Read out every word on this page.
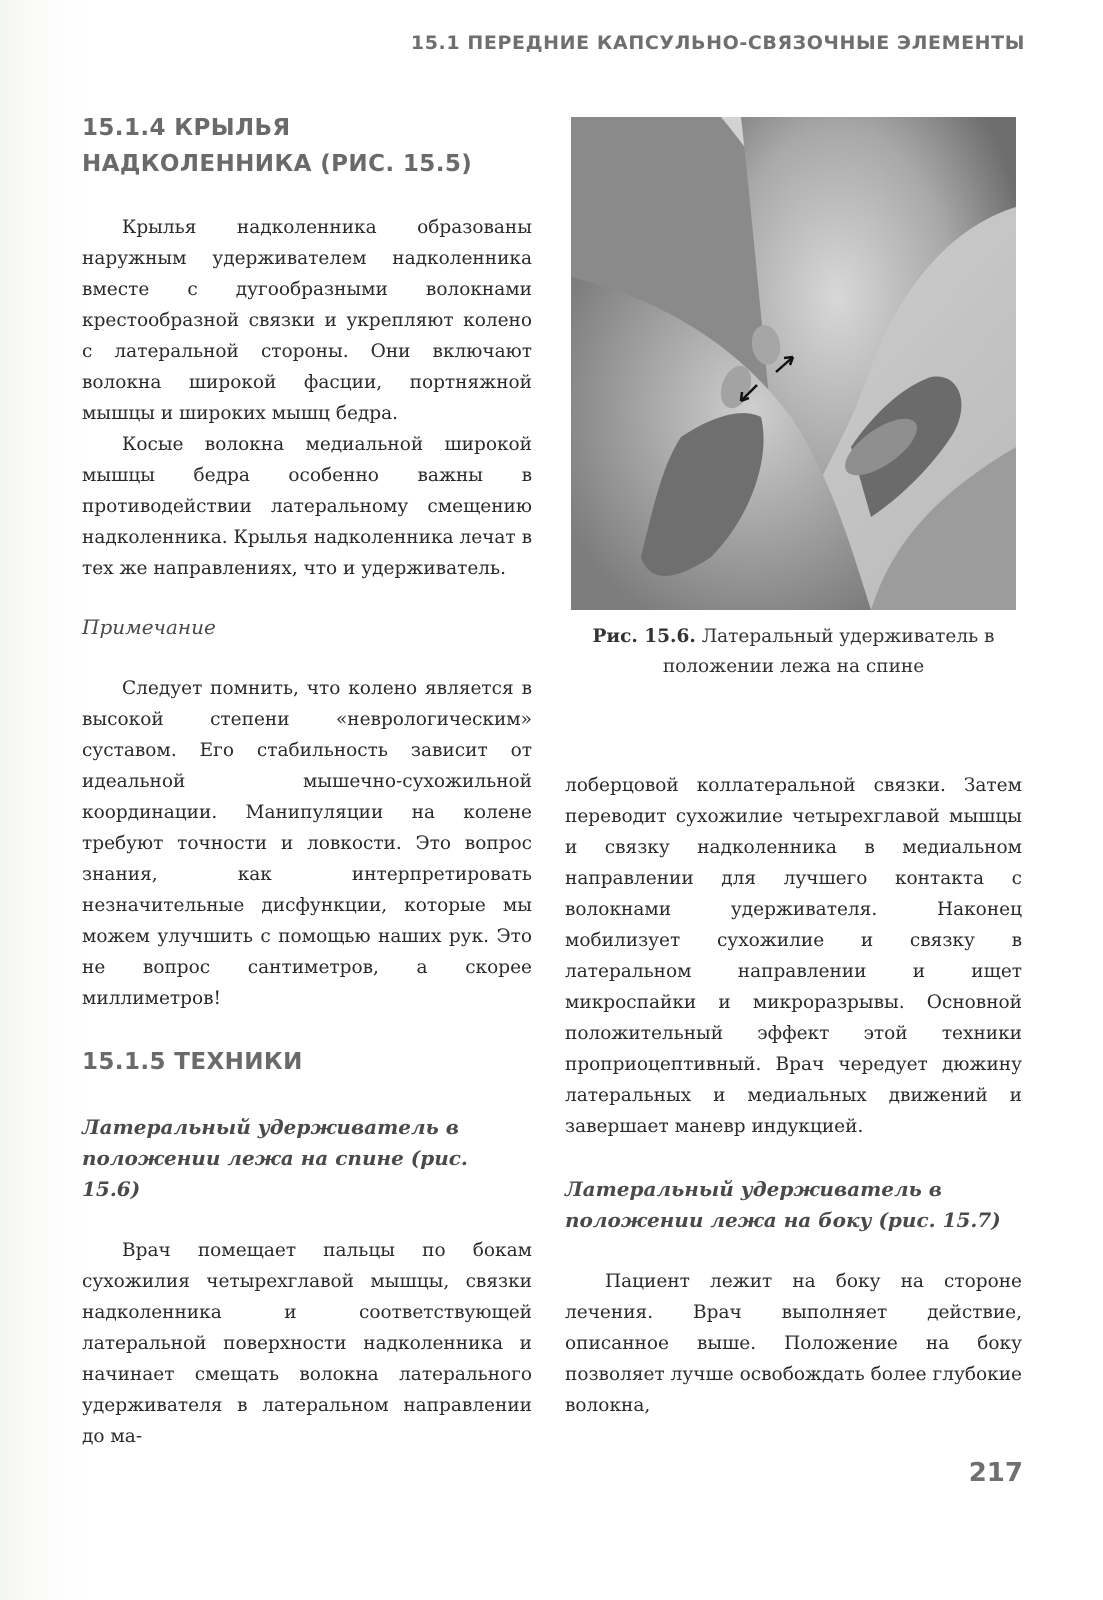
15.1 ПЕРЕДНИЕ КАПСУЛЬНО-СВЯЗОЧНЫЕ ЭЛЕМЕНТЫ
15.1.4 КРЫЛЬЯ НАДКОЛЕННИКА (РИС. 15.5)

Крылья надколенника образованы наружным удерживателем надколенника вместе с дугообразными волокнами крестообразной связки и укрепляют колено с латеральной стороны. Они включают волокна широкой фасции, портняжной мышцы и широких мышц бедра.

Косые волокна медиальной широкой мышцы бедра особенно важны в противодействии латеральному смещению надколенника. Крылья надколенника лечат в тех же направлениях, что и удерживатель.

Примечание

Следует помнить, что колено является в высокой степени «неврологическим» суставом. Его стабильность зависит от идеальной мышечно-сухожильной координации. Манипуляции на колене требуют точности и ловкости. Это вопрос знания, как интерпретировать незначительные дисфункции, которые мы можем улучшить с помощью наших рук. Это не вопрос сантиметров, а скорее миллиметров!

15.1.5 ТЕХНИКИ

Латеральный удерживатель в положении лежа на спине (рис. 15.6)

Врач помещает пальцы по бокам сухожилия четырехглавой мышцы, связки надколенника и соответствующей латеральной поверхности надколенника и начинает смещать волокна латерального удерживателя в латеральном направлении до ма-

Рис. 15.6. Латеральный удерживатель в положении лежа на спине

лоберцовой коллатеральной связки. Затем переводит сухожилие четырехглавой мышцы и связку надколенника в медиальном направлении для лучшего контакта с волокнами удерживателя. Наконец мобилизует сухожилие и связку в латеральном направлении и ищет микроспайки и микроразрывы. Основной положительный эффект этой техники проприоцептивный. Врач чередует дюжину латеральных и медиальных движений и завершает маневр индукцией.

Латеральный удерживатель в положении лежа на боку (рис. 15.7)

Пациент лежит на боку на стороне лечения. Врач выполняет действие, описанное выше. Положение на боку позволяет лучше освобождать более глубокие волокна,

217
